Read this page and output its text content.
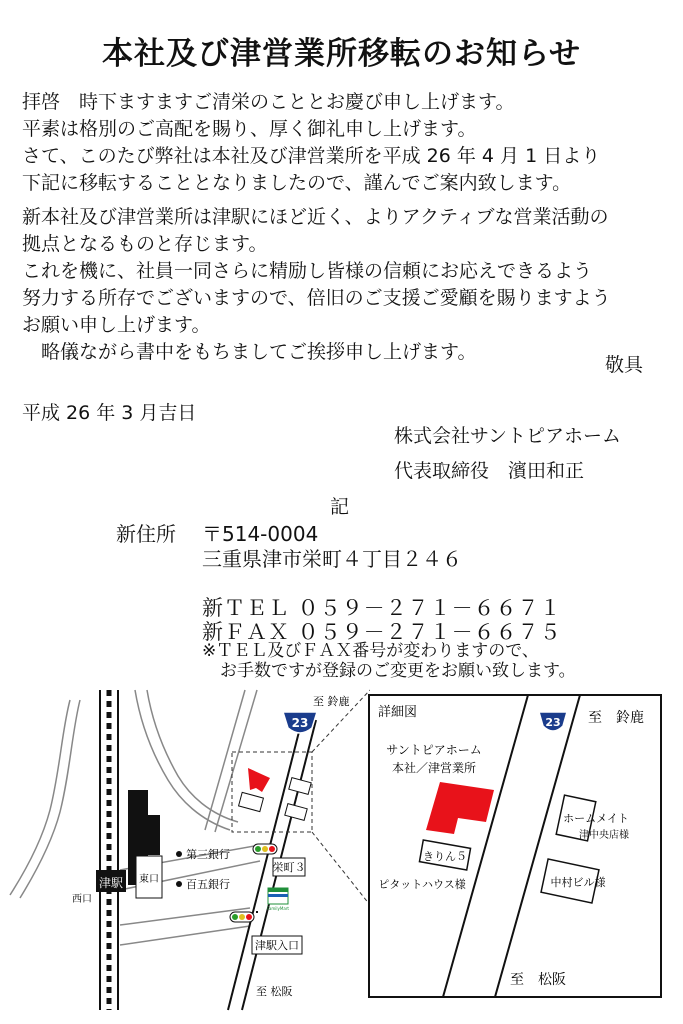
本社及び津営業所移転のお知らせ
拝啓　時下ますますご清栄のこととお慶び申し上げます。
平素は格別のご高配を賜り、厚く御礼申し上げます。
さて、このたび弊社は本社及び津営業所を平成 26 年 4 月 1 日より
下記に移転することとなりましたので、謹んでご案内致します。
新本社及び津営業所は津駅にほど近く、よりアクティブな営業活動の
拠点となるものと存じます。
これを機に、社員一同さらに精励し皆様の信頼にお応えできるよう
努力する所存でございますので、倍旧のご支援ご愛顧を賜りますよう
お願い申し上げます。
　略儀ながら書中をもちましてご挨拶申し上げます。
敬具
平成 26 年 3 月吉日
株式会社サントピアホーム
代表取締役　濱田和正
記
新住所 〒514-0004
三重県津市栄町４丁目２４６
新ＴＥＬ ０５９－２７１－６６７１
新ＦＡＸ ０５９－２７１－６６７５
※ＴＥＬ及びＦＡＸ番号が変わりますので、
お手数ですが登録のご変更をお願い致します。
津駅 東口
西口
第三銀行
百五銀行
栄町３
津駅入口
FamilyMart
23
至 鈴鹿
至 松阪
23
詳細図	至　鈴鹿
至　松阪
サントピアホーム
本社／津営業所
きりん５
ピタットハウス様
ホームメイト
津中央店様
中村ビル様
